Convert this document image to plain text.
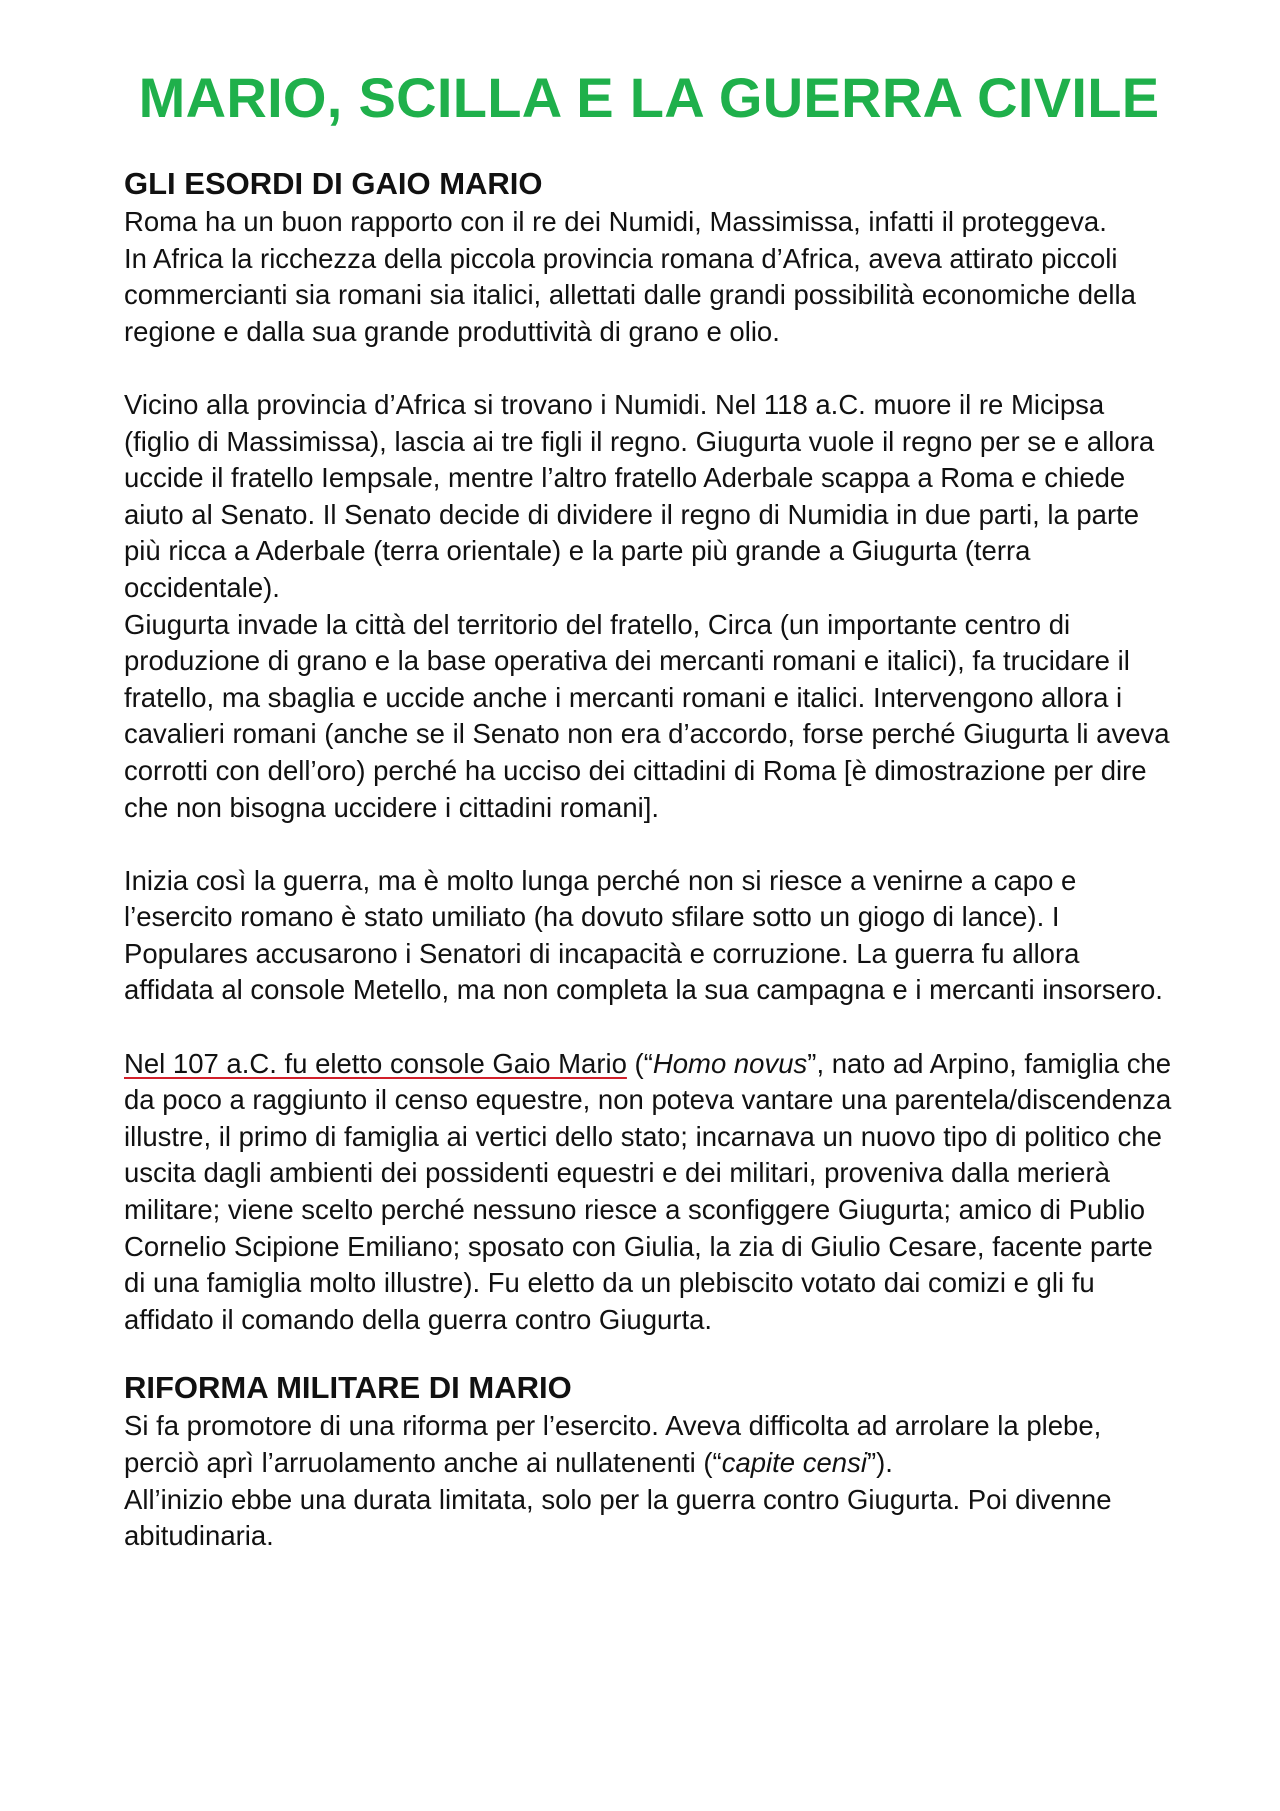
MARIO, SCILLA E LA GUERRA CIVILE
GLI ESORDI DI GAIO MARIO

Roma ha un buon rapporto con il re dei Numidi, Massimissa, infatti il proteggeva.

In Africa la ricchezza della piccola provincia romana d’Africa, aveva attirato piccoli commercianti sia romani sia italici, allettati dalle grandi possibilità economiche della regione e dalla sua grande produttività di grano e olio.

Vicino alla provincia d’Africa si trovano i Numidi. Nel 118 a.C. muore il re Micipsa (figlio di Massimissa), lascia ai tre figli il regno. Giugurta vuole il regno per se e allora uccide il fratello Iempsale, mentre l’altro fratello Aderbale scappa a Roma e chiede aiuto al Senato. Il Senato decide di dividere il regno di Numidia in due parti, la parte più ricca a Aderbale (terra orientale) e la parte più grande a Giugurta (terra occidentale).

Giugurta invade la città del territorio del fratello, Circa (un importante centro di produzione di grano e la base operativa dei mercanti romani e italici), fa trucidare il fratello, ma sbaglia e uccide anche i mercanti romani e italici. Intervengono allora i cavalieri romani (anche se il Senato non era d’accordo, forse perché Giugurta li aveva corrotti con dell’oro) perché ha ucciso dei cittadini di Roma [è dimostrazione per dire che non bisogna uccidere i cittadini romani].

Inizia così la guerra, ma è molto lunga perché non si riesce a venirne a capo e l’esercito romano è stato umiliato (ha dovuto sfilare sotto un giogo di lance). I Populares accusarono i Senatori di incapacità e corruzione. La guerra fu allora affidata al console Metello, ma non completa la sua campagna e i mercanti insorsero.

Nel 107 a.C. fu eletto console Gaio Mario (“Homo novus”, nato ad Arpino, famiglia che da poco a raggiunto il censo equestre, non poteva vantare una parentela/discendenza illustre, il primo di famiglia ai vertici dello stato; incarnava un nuovo tipo di politico che uscita dagli ambienti dei possidenti equestri e dei militari, proveniva dalla merierà militare; viene scelto perché nessuno riesce a sconfiggere Giugurta; amico di Publio Cornelio Scipione Emiliano; sposato con Giulia, la zia di Giulio Cesare, facente parte di una famiglia molto illustre). Fu eletto da un plebiscito votato dai comizi e gli fu affidato il comando della guerra contro Giugurta.

RIFORMA MILITARE DI MARIO

Si fa promotore di una riforma per l’esercito. Aveva difficolta ad arrolare la plebe, perciò aprì l’arruolamento anche ai nullatenenti (“capite censi”).

All’inizio ebbe una durata limitata, solo per la guerra contro Giugurta. Poi divenne abitudinaria.
